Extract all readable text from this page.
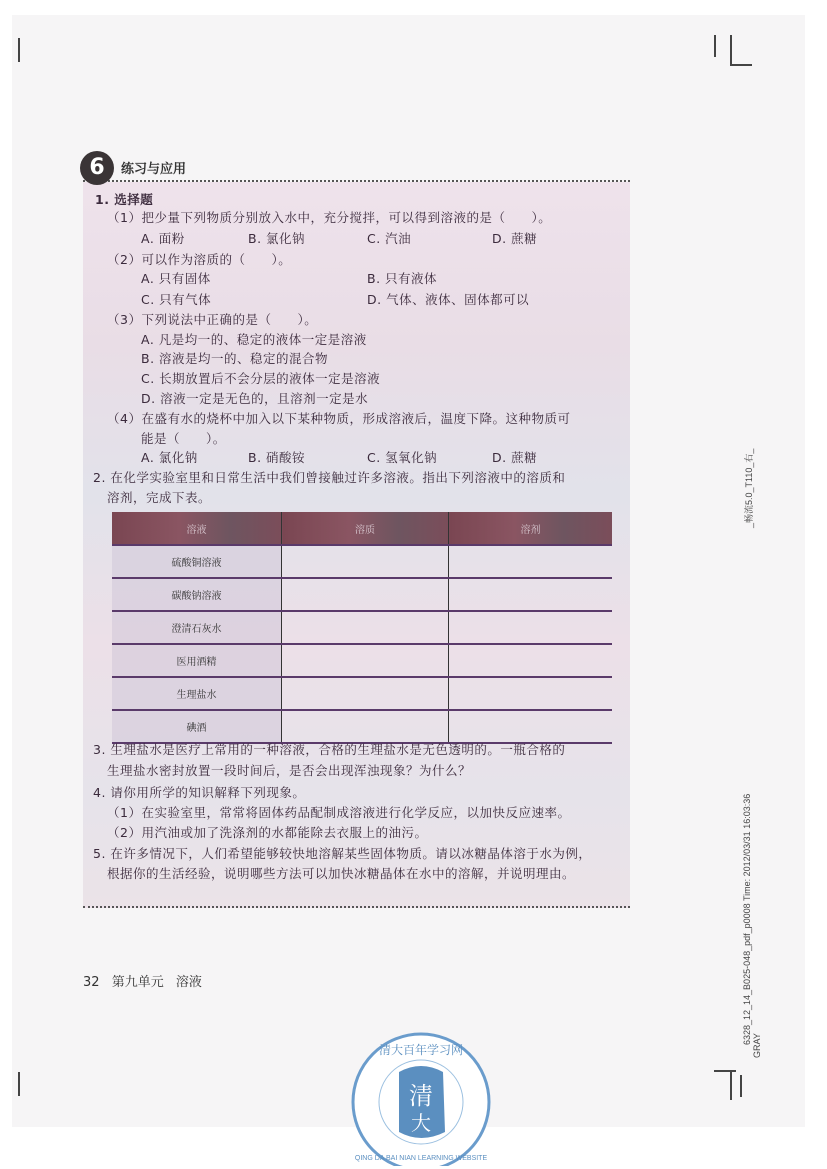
6	练习与应用
1. 选择题
（1）把少量下列物质分别放入水中，充分搅拌，可以得到溶液的是（　　）。
A. 面粉	B. 氯化钠	C. 汽油	D. 蔗糖
（2）可以作为溶质的（　　）。
A. 只有固体	B. 只有液体
C. 只有气体	D. 气体、液体、固体都可以
（3）下列说法中正确的是（　　）。
A. 凡是均一的、稳定的液体一定是溶液
B. 溶液是均一的、稳定的混合物
C. 长期放置后不会分层的液体一定是溶液
D. 溶液一定是无色的，且溶剂一定是水
（4）在盛有水的烧杯中加入以下某种物质，形成溶液后，温度下降。这种物质可
能是（　　）。
A. 氯化钠	B. 硝酸铵	C. 氢氧化钠	D. 蔗糖
2. 在化学实验室里和日常生活中我们曾接触过许多溶液。指出下列溶液中的溶质和
溶剂，完成下表。
溶液	溶质	溶剂
硫酸铜溶液		
碳酸钠溶液		
澄清石灰水		
医用酒精		
生理盐水		
碘酒		
3. 生理盐水是医疗上常用的一种溶液，合格的生理盐水是无色透明的。一瓶合格的
生理盐水密封放置一段时间后，是否会出现浑浊现象？为什么？
4. 请你用所学的知识解释下列现象。
（1）在实验室里，常常将固体药品配制成溶液进行化学反应，以加快反应速率。
（2）用汽油或加了洗涤剂的水都能除去衣服上的油污。
5. 在许多情况下，人们希望能够较快地溶解某些固体物质。请以冰糖晶体溶于水为例，
根据你的生活经验，说明哪些方法可以加快冰糖晶体在水中的溶解，并说明理由。
32 第九单元 溶液
_畅流5.0_T110_右_
6328_12_14_B025-048_pdf_p0008 Time: 2012/03/31 16:03:36
GRAY
清
大
清大百年学习网
QING DA BAI NIAN LEARNING WEBSITE
